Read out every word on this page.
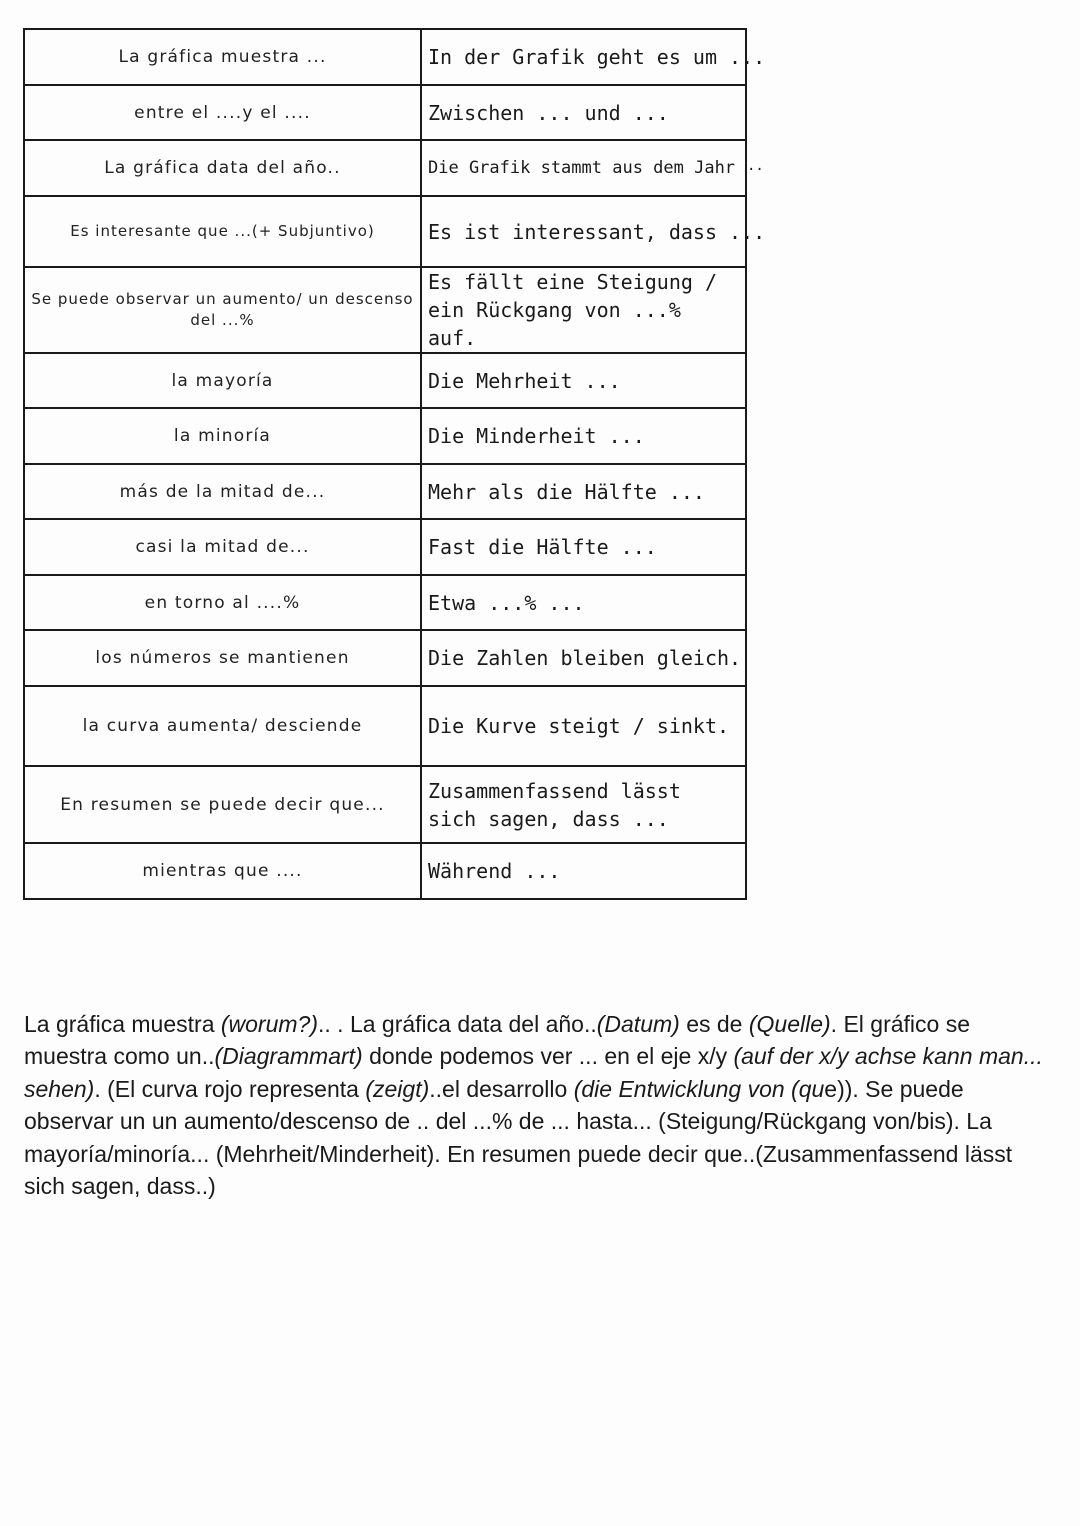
La gráfica muestra ...	In der Grafik geht es um ...
entre el ....y el ....	Zwischen ... und ...
La gráfica data del año..	Die Grafik stammt aus dem Jahr
Es interesante que ...(+ Subjuntivo)	Es ist interessant, dass ...
Se puede observar un aumento/ un descenso del ...%	Es fällt eine Steigung / ein Rückgang von ...% auf.
la mayoría	Die Mehrheit ...
la minoría	Die Minderheit ...
más de la mitad de...	Mehr als die Hälfte ...
casi la mitad de...	Fast die Hälfte ...
en torno al ....%	Etwa ...% ...
los números se mantienen	Die Zahlen bleiben gleich.
la curva aumenta/ desciende	Die Kurve steigt / sinkt.
En resumen se puede decir que...	Zusammenfassend lässt sich sagen, dass ...
mientras que ....	Während ...
..

La gráfica muestra (worum?).. . La gráfica data del año..(Datum) es de (Quelle). El gráfico se muestra como un..(Diagrammart) donde podemos ver ... en el eje x/y (auf der x/y achse kann man... sehen). (El curva rojo representa (zeigt)..el desarrollo (die Entwicklung von (que)). Se puede observar un un aumento/descenso de .. del ...% de ... hasta... (Steigung/Rückgang von/bis). La mayoría/minoría... (Mehrheit/Minderheit). En resumen puede decir que..(Zusammenfassend lässt sich sagen, dass..)
